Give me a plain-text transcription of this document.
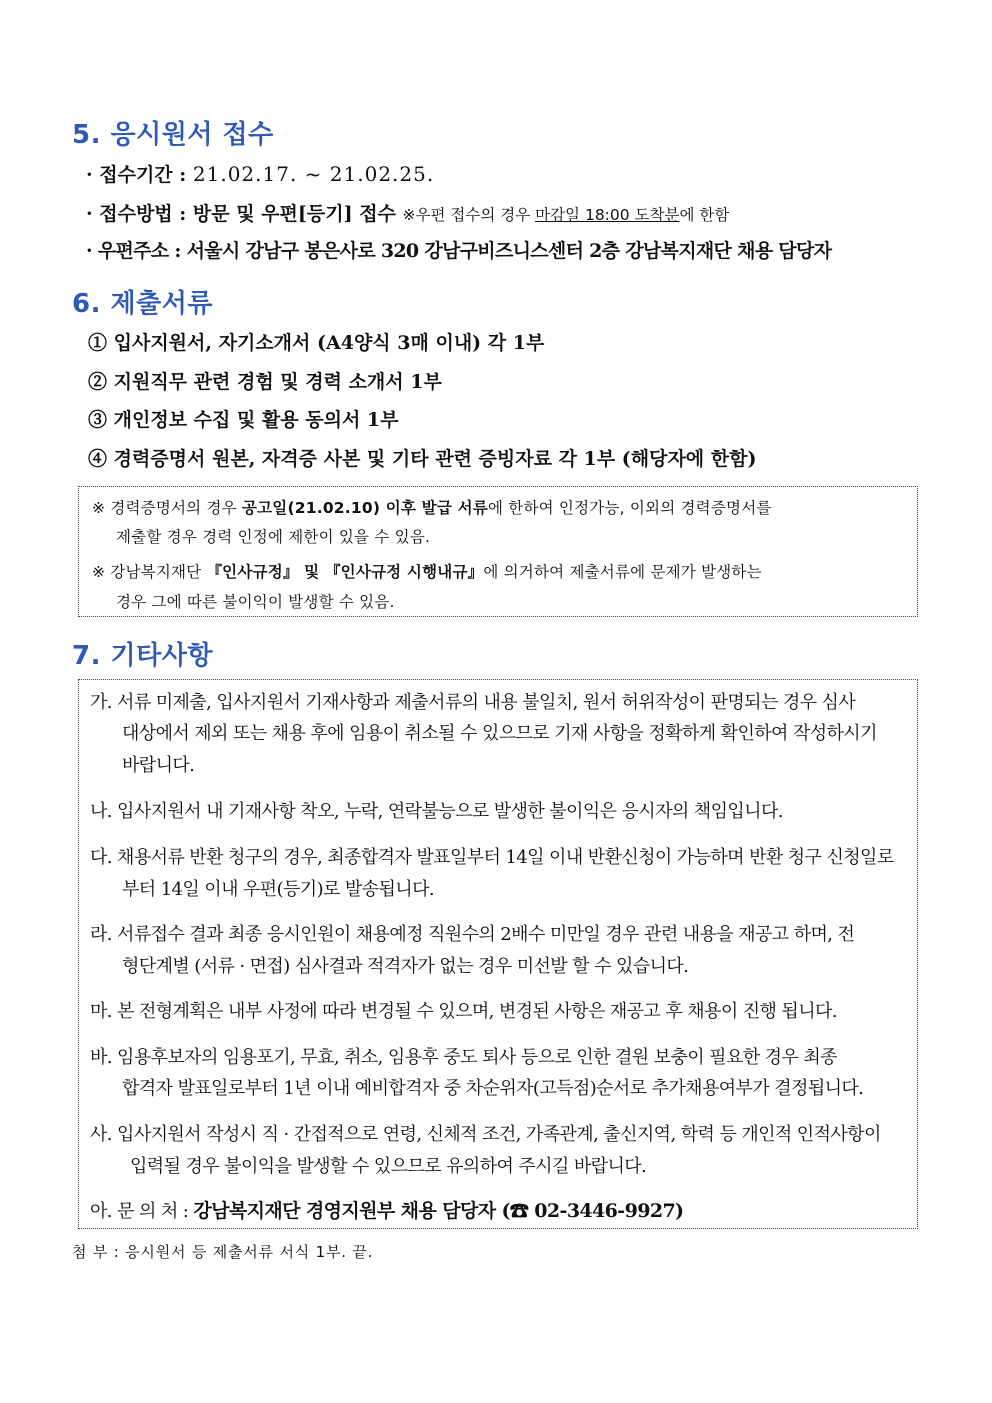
5. 응시원서 접수
· 접수기간 : 21.02.17. ~ 21.02.25.
· 접수방법 : 방문 및 우편[등기] 접수 ※우편 접수의 경우 마감일 18:00 도착분에 한함
· 우편주소 : 서울시 강남구 봉은사로 320 강남구비즈니스센터 2층 강남복지재단 채용 담당자
6. 제출서류
① 입사지원서, 자기소개서 (A4양식 3매 이내) 각 1부
② 지원직무 관련 경험 및 경력 소개서 1부
③ 개인정보 수집 및 활용 동의서 1부
④ 경력증명서 원본, 자격증 사본 및 기타 관련 증빙자료 각 1부 (해당자에 한함)
※ 경력증명서의 경우 공고일(21.02.10) 이후 발급 서류에 한하여 인정가능, 이외의 경력증명서를
제출할 경우 경력 인정에 제한이 있을 수 있음.
※ 강남복지재단 『인사규정』 및 『인사규정 시행내규』에 의거하여 제출서류에 문제가 발생하는
경우 그에 따른 불이익이 발생할 수 있음.
7. 기타사항
가. 서류 미제출, 입사지원서 기재사항과 제출서류의 내용 불일치, 원서 허위작성이 판명되는 경우 심사
대상에서 제외 또는 채용 후에 임용이 취소될 수 있으므로 기재 사항을 정확하게 확인하여 작성하시기
바랍니다.
나. 입사지원서 내 기재사항 착오, 누락, 연락불능으로 발생한 불이익은 응시자의 책임입니다.
다. 채용서류 반환 청구의 경우, 최종합격자 발표일부터 14일 이내 반환신청이 가능하며 반환 청구 신청일로
부터 14일 이내 우편(등기)로 발송됩니다.
라. 서류접수 결과 최종 응시인원이 채용예정 직원수의 2배수 미만일 경우 관련 내용을 재공고 하며, 전
형단계별 (서류 · 면접) 심사결과 적격자가 없는 경우 미선발 할 수 있습니다.
마. 본 전형계획은 내부 사정에 따라 변경될 수 있으며, 변경된 사항은 재공고 후 채용이 진행 됩니다.
바. 임용후보자의 임용포기, 무효, 취소, 임용후 중도 퇴사 등으로 인한 결원 보충이 필요한 경우 최종
합격자 발표일로부터 1년 이내 예비합격자 중 차순위자(고득점)순서로 추가채용여부가 결정됩니다.
사. 입사지원서 작성시 직 · 간접적으로 연령, 신체적 조건, 가족관계, 출신지역, 학력 등 개인적 인적사항이
입력될 경우 불이익을 발생할 수 있으므로 유의하여 주시길 바랍니다.
아. 문 의 처 : 강남복지재단 경영지원부 채용 담당자 (☎ 02-3446-9927)
첨 부 : 응시원서 등 제출서류 서식 1부. 끝.
